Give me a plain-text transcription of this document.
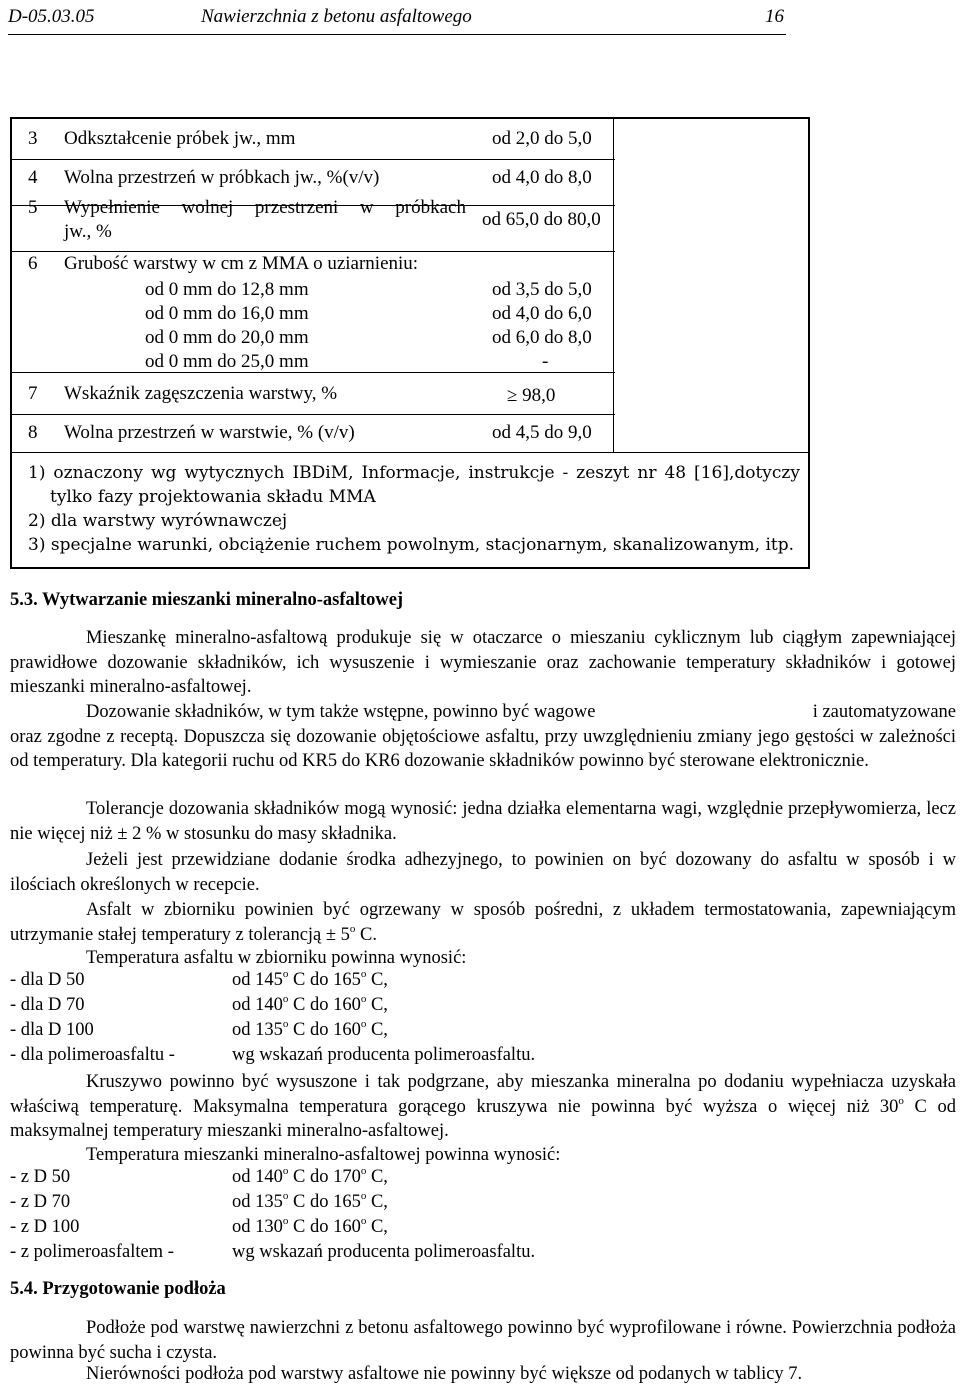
D-05.03.05	Nawierzchnia z betonu asfaltowego	16
3 Odkształcenie próbek jw., mm	od 2,0 do 5,0
4 Wolna przestrzeń w próbkach jw., %(v/v)	od 4,0 do 8,0
5 Wypełnienie wolnej przestrzeni w próbkach
jw., %
od 65,0 do 80,0
6 Grubość warstwy w cm z MMA o uziarnieniu:
od 0 mm do 12,8 mm	od 3,5 do 5,0
od 0 mm do 16,0 mm	od 4,0 do 6,0
od 0 mm do 20,0 mm	od 6,0 do 8,0
od 0 mm do 25,0 mm	-
7 Wskaźnik zagęszczenia warstwy, %	≥ 98,0
8 Wolna przestrzeń w warstwie, % (v/v)	od 4,5 do 9,0
1) oznaczony wg wytycznych IBDiM, Informacje, instrukcje - zeszyt nr 48 [16],dotyczy
tylko fazy projektowania składu MMA
2) dla warstwy wyrównawczej
3) specjalne warunki, obciążenie ruchem powolnym, stacjonarnym, skanalizowanym, itp.
5.3. Wytwarzanie mieszanki mineralno-asfaltowej

Mieszankę mineralno-asfaltową produkuje się w otaczarce o mieszaniu cyklicznym lub ciągłym zapewniającej prawidłowe dozowanie składników, ich wysuszenie i wymieszanie oraz zachowanie temperatury składników i gotowej mieszanki mineralno-asfaltowej.

Dozowanie składników, w tym także wstępne, powinno być wagowe	i zautomatyzowane

oraz zgodne z receptą. Dopuszcza się dozowanie objętościowe asfaltu, przy uwzględnieniu zmiany jego gęstości w zależności od temperatury. Dla kategorii ruchu od KR5 do KR6 dozowanie składników powinno być sterowane elektronicznie.

Tolerancje dozowania składników mogą wynosić: jedna działka elementarna wagi, względnie przepływomierza, lecz nie więcej niż ± 2 % w stosunku do masy składnika.

Jeżeli jest przewidziane dodanie środka adhezyjnego, to powinien on być dozowany do asfaltu w sposób i w ilościach określonych w recepcie.

Asfalt w zbiorniku powinien być ogrzewany w sposób pośredni, z układem termostatowania, zapewniającym utrzymanie stałej temperatury z tolerancją ± $5^o$ C.

Temperatura asfaltu w zbiorniku powinna wynosić:

- dla D 50	od 145$^o$ C do 165$^o$ C,
- dla D 70	od 140$^o$ C do 160$^o$ C,
- dla D 100	od 135$^o$ C do 160$^o$ C,
- dla polimeroasfaltu -	wg wskazań producenta polimeroasfaltu.

Kruszywo powinno być wysuszone i tak podgrzane, aby mieszanka mineralna po dodaniu wypełniacza uzyskała właściwą temperaturę. Maksymalna temperatura gorącego kruszywa nie powinna być wyższa o więcej niż 30$^o$ C od maksymalnej temperatury mieszanki mineralno-asfaltowej.

Temperatura mieszanki mineralno-asfaltowej powinna wynosić:

- z D 50	od 140$^o$ C do 170$^o$ C,
- z D 70	od 135$^o$ C do 165$^o$ C,
- z D 100	od 130$^o$ C do 160$^o$ C,
- z polimeroasfaltem -	wg wskazań producenta polimeroasfaltu.
5.4. Przygotowanie podłoża

Podłoże pod warstwę nawierzchni z betonu asfaltowego powinno być wyprofilowane i równe. Powierzchnia podłoża powinna być sucha i czysta.

Nierówności podłoża pod warstwy asfaltowe nie powinny być większe od podanych w tablicy 7.
